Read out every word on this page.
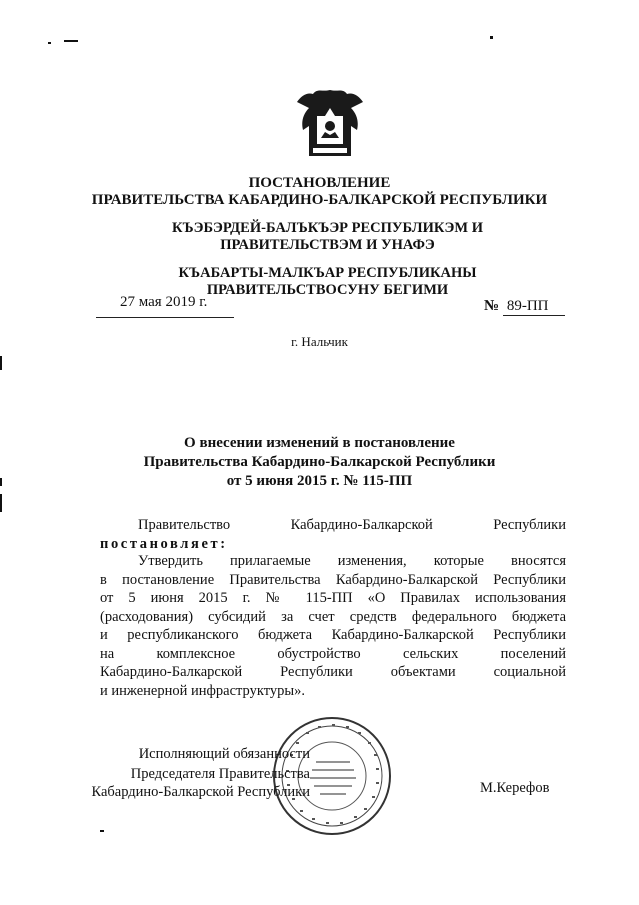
ПОСТАНОВЛЕНИЕ
ПРАВИТЕЛЬСТВА КАБАРДИНО-БАЛКАРСКОЙ РЕСПУБЛИКИ
КЪЭБЭРДЕЙ-БАЛЪКЪЭР РЕСПУБЛИКЭМ И ПРАВИТЕЛЬСТВЭМ И УНАФЭ
КЪАБАРТЫ-МАЛКЪАР РЕСПУБЛИКАНЫ ПРАВИТЕЛЬСТВОСУНУ БЕГИМИ
27 мая 2019 г.	№ 89-ПП
г. Нальчик
О внесении изменений в постановление
Правительства Кабардино-Балкарской Республики
от 5 июня 2015 г. № 115-ПП
Правительство Кабардино-Балкарской Республики
постановляет:
Утвердить прилагаемые изменения, которые вносятся
в постановление Правительства Кабардино-Балкарской Республики
от 5 июня 2015 г. № 115-ПП «О Правилах использования
(расходования) субсидий за счет средств федерального бюджета
и республиканского бюджета Кабардино-Балкарской Республики
на комплексное обустройство сельских поселений
Кабардино-Балкарской Республики объектами социальной
и инженерной инфраструктуры».
Исполняющий обязанности
Председателя Правительства
Кабардино-Балкарской Республики	М.Керефов
